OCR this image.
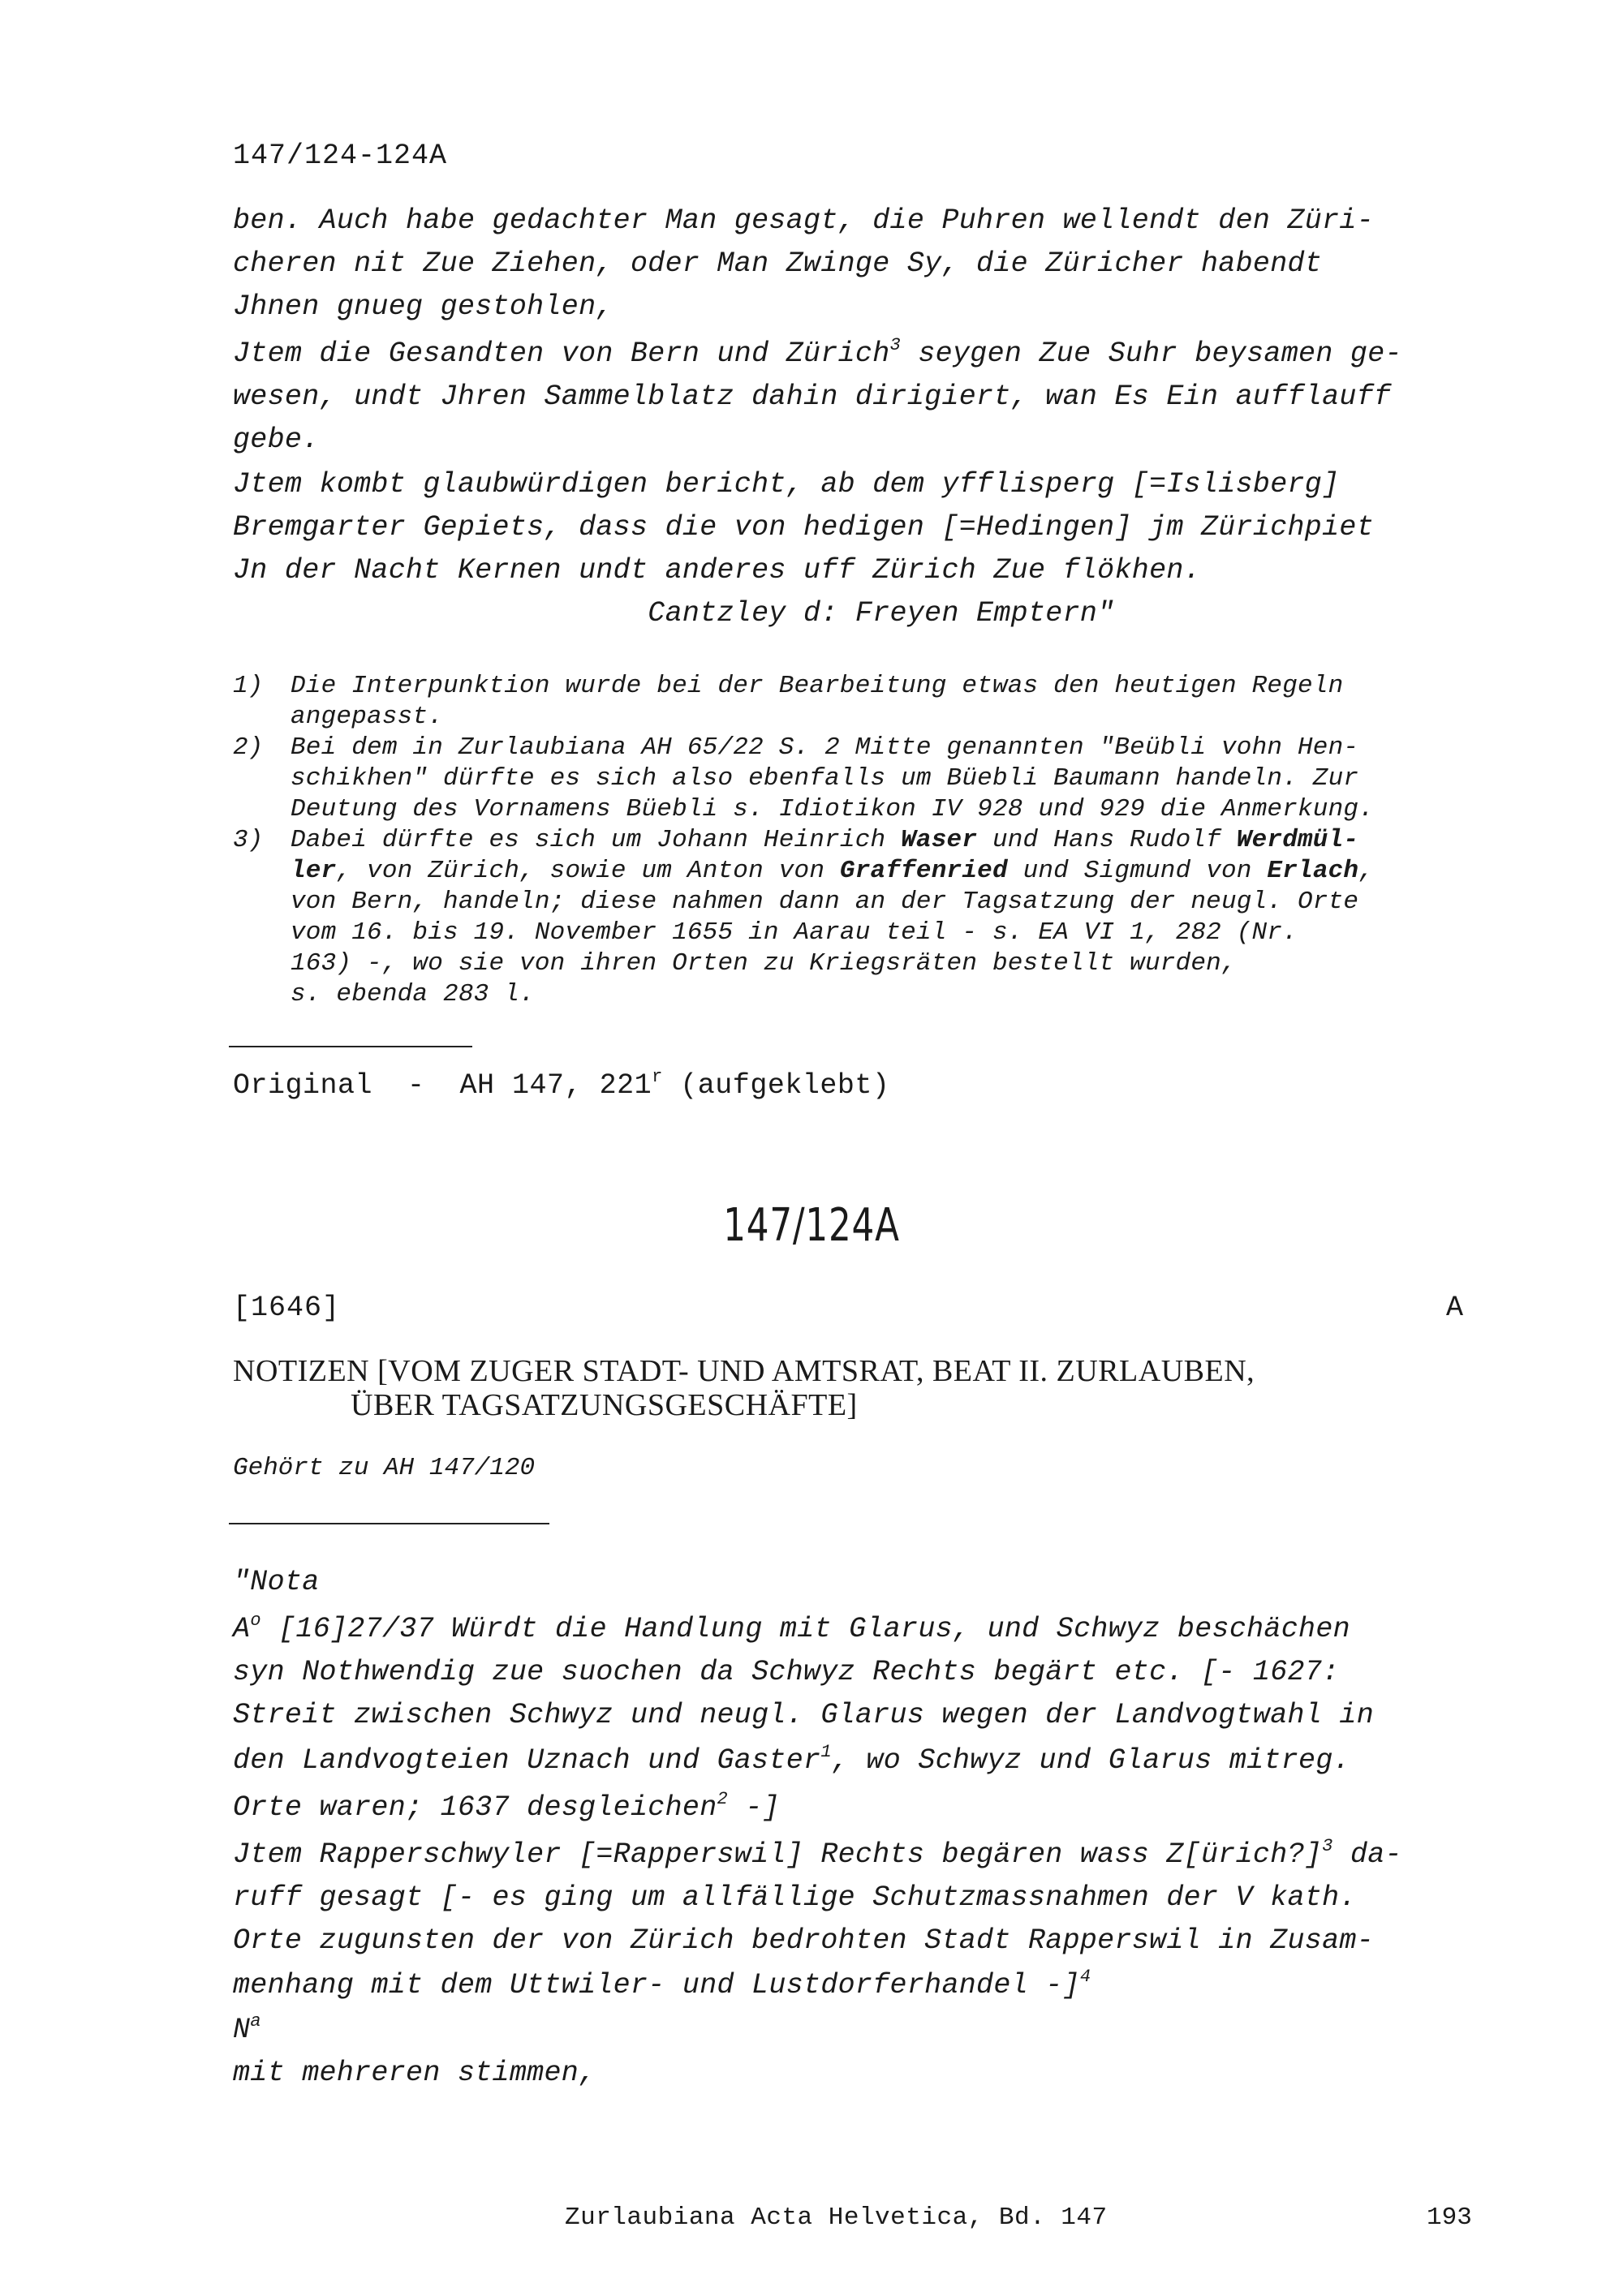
147/124-124A
ben. Auch habe gedachter Man gesagt, die Puhren wellendt den Züri-
cheren nit Zue Ziehen, oder Man Zwinge Sy, die Züricher habendt
Jhnen gnueg gestohlen,
Jtem die Gesandten von Bern und Zürich$^3$ seygen Zue Suhr beysamen ge-
wesen, undt Jhren Sammelblatz dahin dirigiert, wan Es Ein aufflauff
gebe.
Jtem kombt glaubwürdigen bericht, ab dem yfflisperg [=Islisberg]
Bremgarter Gepiets, dass die von hedigen [=Hedingen] jm Zürichpiet
Jn der Nacht Kernen undt anderes uff Zürich Zue flökhen.
Cantzley d: Freyen Emptern"
1) Die Interpunktion wurde bei der Bearbeitung etwas den heutigen Regeln
angepasst.
2) Bei dem in Zurlaubiana AH 65/22 S. 2 Mitte genannten "Beübli vohn Hen-
schikhen" dürfte es sich also ebenfalls um Büebli Baumann handeln. Zur
Deutung des Vornamens Büebli s. Idiotikon IV 928 und 929 die Anmerkung.
3) Dabei dürfte es sich um Johann Heinrich Waser und Hans Rudolf Werdmül-
ler, von Zürich, sowie um Anton von Graffenried und Sigmund von Erlach,
von Bern, handeln; diese nahmen dann an der Tagsatzung der neugl. Orte
vom 16. bis 19. November 1655 in Aarau teil - s. EA VI 1, 282 (Nr.
163) -, wo sie von ihren Orten zu Kriegsräten bestellt wurden,
s. ebenda 283 l.
Original  -  AH 147, 221$^r$ (aufgeklebt)
147/124A
[1646]	A
NOTIZEN [VOM ZUGER STADT- UND AMTSRAT, BEAT II. ZURLAUBEN,
ÜBER TAGSATZUNGSGESCHÄFTE]
Gehört zu AH 147/120
"Nota
$A^o$ [16]27/37 Würdt die Handlung mit Glarus, und Schwyz beschächen
syn Nothwendig zue suochen da Schwyz Rechts begärt etc. [- 1627:
Streit zwischen Schwyz und neugl. Glarus wegen der Landvogtwahl in
den Landvogteien Uznach und Gaster$^1$, wo Schwyz und Glarus mitreg.
Orte waren; 1637 desgleichen$^2$ -]
Jtem Rapperschwyler [=Rapperswil] Rechts begären wass Z[ürich?]$^3$ da-
ruff gesagt [- es ging um allfällige Schutzmassnahmen der V kath.
Orte zugunsten der von Zürich bedrohten Stadt Rapperswil in Zusam-
menhang mit dem Uttwiler- und Lustdorferhandel -]$^4$
$N^a$
mit mehreren stimmen,
Zurlaubiana Acta Helvetica, Bd. 147	193
